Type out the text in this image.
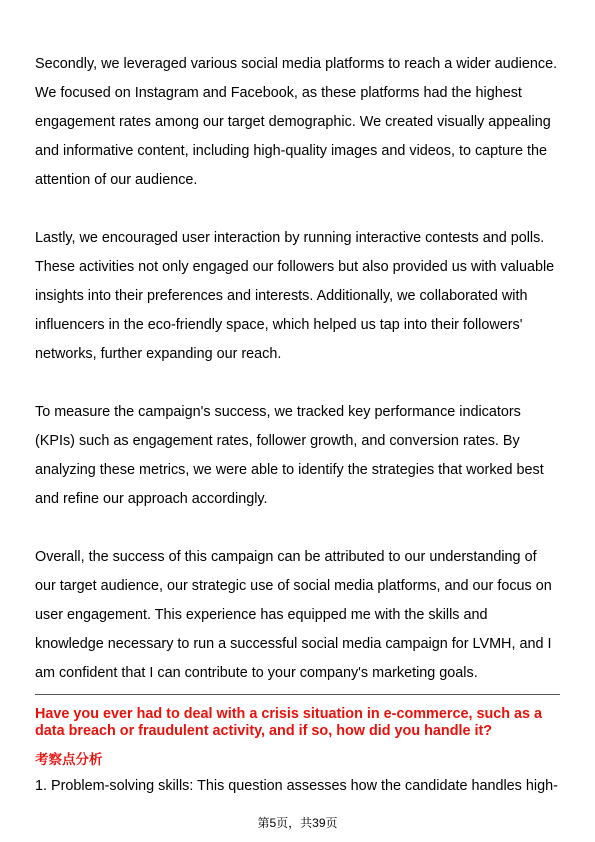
Secondly, we leveraged various social media platforms to reach a wider audience.
We focused on Instagram and Facebook, as these platforms had the highest
engagement rates among our target demographic. We created visually appealing
and informative content, including high-quality images and videos, to capture the
attention of our audience.

Lastly, we encouraged user interaction by running interactive contests and polls.
These activities not only engaged our followers but also provided us with valuable
insights into their preferences and interests. Additionally, we collaborated with
influencers in the eco-friendly space, which helped us tap into their followers'
networks, further expanding our reach.

To measure the campaign's success, we tracked key performance indicators
(KPIs) such as engagement rates, follower growth, and conversion rates. By
analyzing these metrics, we were able to identify the strategies that worked best
and refine our approach accordingly.

Overall, the success of this campaign can be attributed to our understanding of
our target audience, our strategic use of social media platforms, and our focus on
user engagement. This experience has equipped me with the skills and
knowledge necessary to run a successful social media campaign for LVMH, and I
am confident that I can contribute to your company's marketing goals.

Have you ever had to deal with a crisis situation in e-commerce, such as a
data breach or fraudulent activity, and if so, how did you handle it?
考察点分析
1. Problem-solving skills: This question assesses how the candidate handles high-
第5页，共39页
